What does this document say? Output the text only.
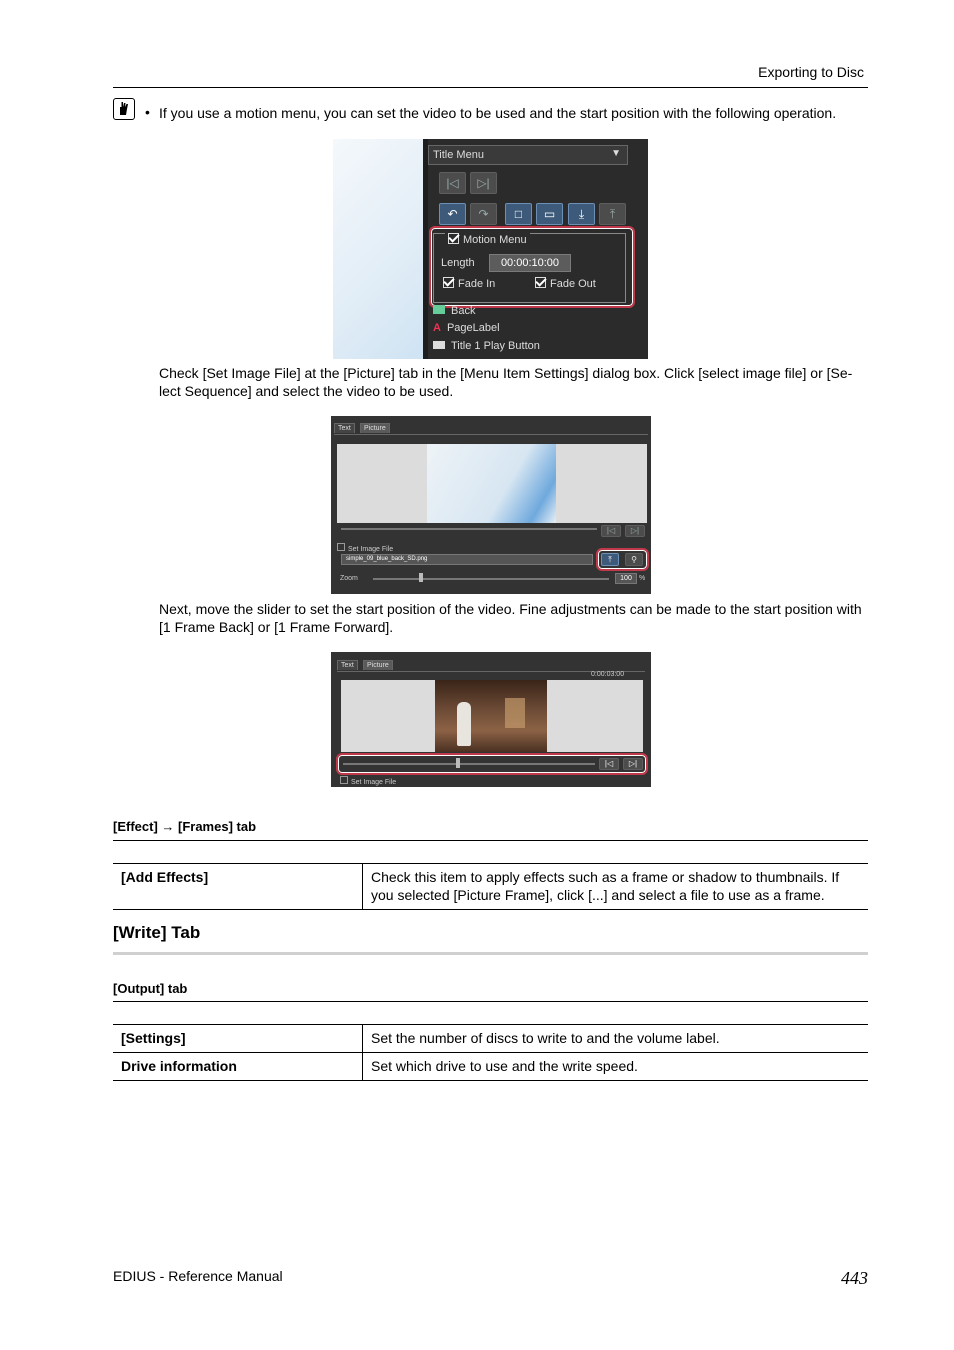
Exporting to Disc
• If you use a motion menu, you can set the video to be used and the start position with the following operation.
Title Menu	▼
|◁	▷|
↶	↷	□	▭	⤓	⤒
Motion Menu
Length	00:00:10:00
Fade In	Fade Out
Back
A PageLabel
Title 1 Play Button
Check [Set Image File] at the [Picture] tab in the [Menu Item Settings] dialog box. Click [select image file] or [Se-lect Sequence] and select the video to be used.
Text	Picture
|◁	▷|
Set Image File
simple_09_blue_back_SD.png	⤒	⚲
Zoom	100	%
Next, move the slider to set the start position of the video. Fine adjustments can be made to the start position with [1 Frame Back] or [1 Frame Forward].
Text	Picture
0:00:03:00
|◁	▷|
Set Image File
[Effect] → [Frames] tab
[Add Effects]	Check this item to apply effects such as a frame or shadow to thumbnails. If you selected [Picture Frame], click [...] and select a file to use as a frame.
[Write] Tab
[Output] tab
[Settings]	Set the number of discs to write to and the volume label.
Drive information	Set which drive to use and the write speed.
EDIUS - Reference Manual	443
